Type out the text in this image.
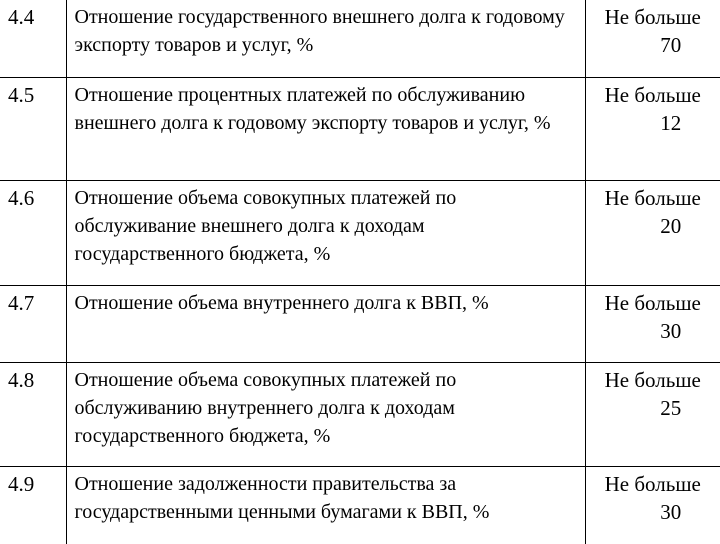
4.4	Отношение государственного внешнего долга к годовому экспорту товаров и услуг, %	Не больше
70

4.5	Отношение процентных платежей по обслуживанию внешнего долга к годовому экспорту товаров и услуг, %	Не больше
12

4.6	Отношение объема совокупных платежей по обслуживание внешнего долга к доходам государственного бюджета, %	Не больше
20

4.7	Отношение объема внутреннего долга к ВВП, %	Не больше
30

4.8	Отношение объема совокупных платежей по обслуживанию внутреннего долга к доходам государственного бюджета, %	Не больше
25

4.9	Отношение задолженности правительства за государственными ценными бумагами к ВВП, %	Не больше
30
